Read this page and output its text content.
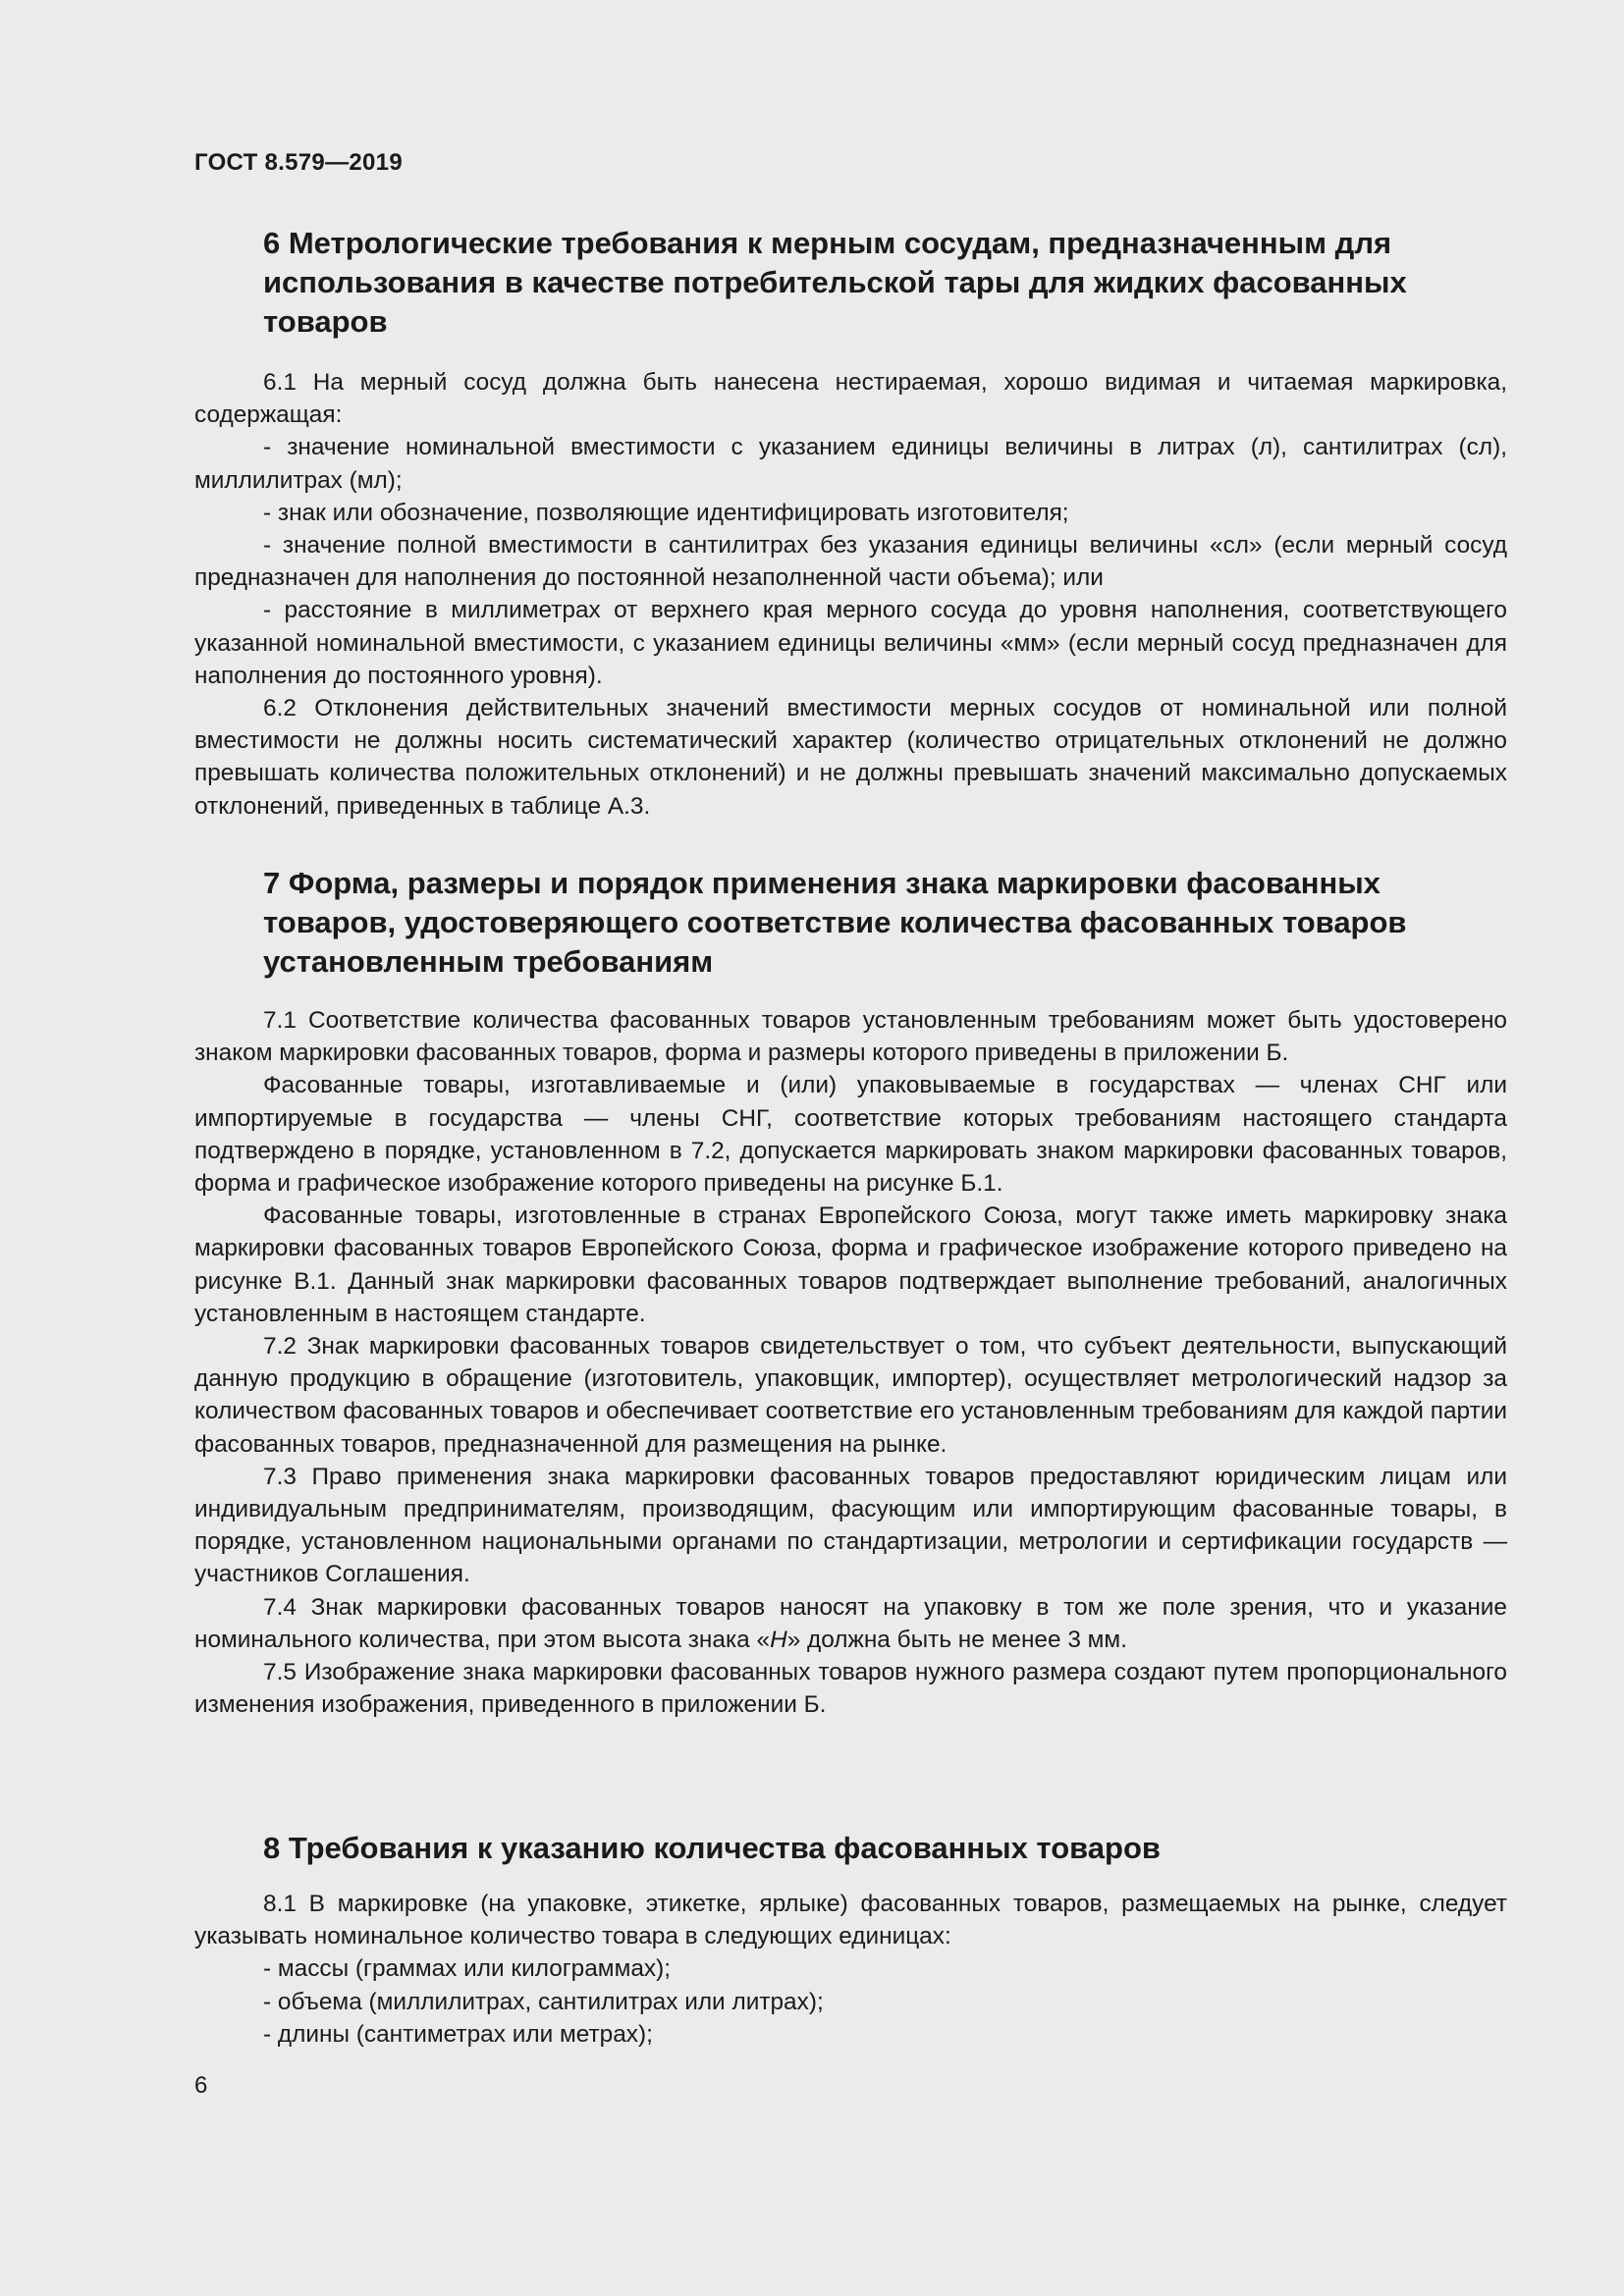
ГОСТ 8.579—2019
6 Метрологические требования к мерным сосудам, предназначенным для использования в качестве потребительской тары для жидких фасованных товаров

6.1 На мерный сосуд должна быть нанесена нестираемая, хорошо видимая и читаемая маркировка, содержащая:

- значение номинальной вместимости с указанием единицы величины в литрах (л), сантилитрах (сл), миллилитрах (мл);

- знак или обозначение, позволяющие идентифицировать изготовителя;

- значение полной вместимости в сантилитрах без указания единицы величины «сл» (если мерный сосуд предназначен для наполнения до постоянной незаполненной части объема); или

- расстояние в миллиметрах от верхнего края мерного сосуда до уровня наполнения, соответствующего указанной номинальной вместимости, с указанием единицы величины «мм» (если мерный сосуд предназначен для наполнения до постоянного уровня).

6.2 Отклонения действительных значений вместимости мерных сосудов от номинальной или полной вместимости не должны носить систематический характер (количество отрицательных отклонений не должно превышать количества положительных отклонений) и не должны превышать значений максимально допускаемых отклонений, приведенных в таблице А.3.

7 Форма, размеры и порядок применения знака маркировки фасованных товаров, удостоверяющего соответствие количества фасованных товаров установленным требованиям

7.1 Соответствие количества фасованных товаров установленным требованиям может быть удостоверено знаком маркировки фасованных товаров, форма и размеры которого приведены в приложении Б.

Фасованные товары, изготавливаемые и (или) упаковываемые в государствах — членах СНГ или импортируемые в государства — члены СНГ, соответствие которых требованиям настоящего стандарта подтверждено в порядке, установленном в 7.2, допускается маркировать знаком маркировки фасованных товаров, форма и графическое изображение которого приведены на рисунке Б.1.

Фасованные товары, изготовленные в странах Европейского Союза, могут также иметь маркировку знака маркировки фасованных товаров Европейского Союза, форма и графическое изображение которого приведено на рисунке В.1. Данный знак маркировки фасованных товаров подтверждает выполнение требований, аналогичных установленным в настоящем стандарте.

7.2 Знак маркировки фасованных товаров свидетельствует о том, что субъект деятельности, выпускающий данную продукцию в обращение (изготовитель, упаковщик, импортер), осуществляет метрологический надзор за количеством фасованных товаров и обеспечивает соответствие его установленным требованиям для каждой партии фасованных товаров, предназначенной для размещения на рынке.

7.3 Право применения знака маркировки фасованных товаров предоставляют юридическим лицам или индивидуальным предпринимателям, производящим, фасующим или импортирующим фасованные товары, в порядке, установленном национальными органами по стандартизации, метрологии и сертификации государств — участников Соглашения.

7.4 Знак маркировки фасованных товаров наносят на упаковку в том же поле зрения, что и указание номинального количества, при этом высота знака «Н» должна быть не менее 3 мм.

7.5 Изображение знака маркировки фасованных товаров нужного размера создают путем пропорционального изменения изображения, приведенного в приложении Б.

8 Требования к указанию количества фасованных товаров

8.1 В маркировке (на упаковке, этикетке, ярлыке) фасованных товаров, размещаемых на рынке, следует указывать номинальное количество товара в следующих единицах:

- массы (граммах или килограммах);

- объема (миллилитрах, сантилитрах или литрах);

- длины (сантиметрах или метрах);

6
